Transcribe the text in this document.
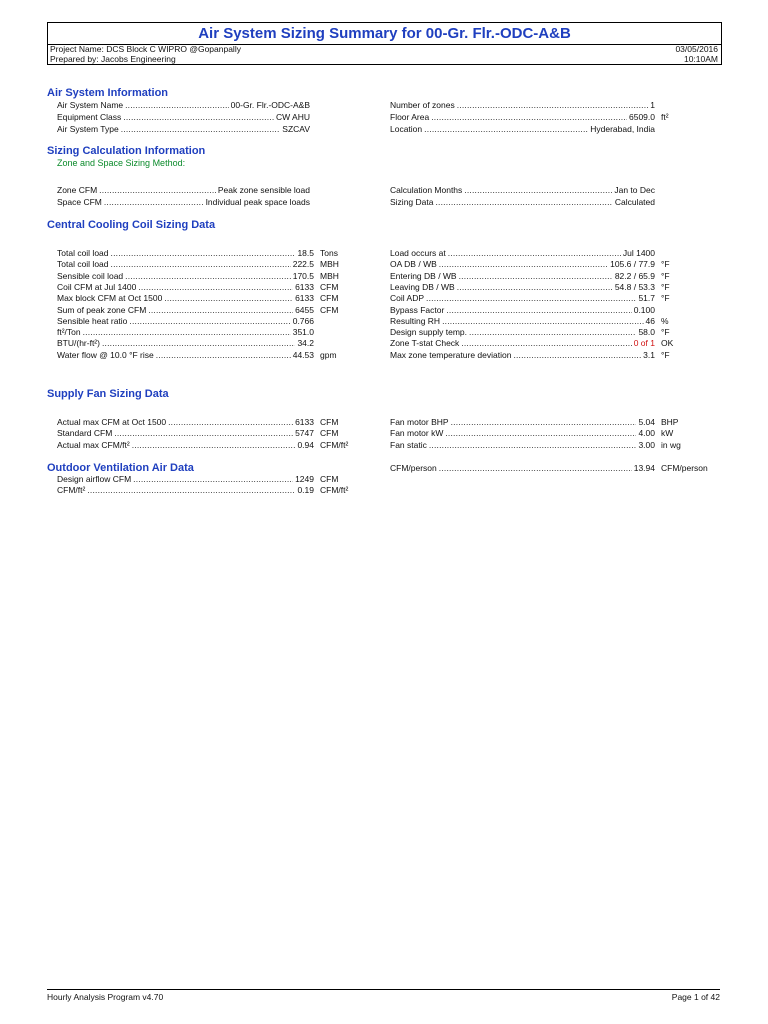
Air System Sizing Summary for 00-Gr. Flr.-ODC-A&B
Project Name: DCS Block C WIPRO @Gopanpally	03/05/2016
Prepared by: Jacobs Engineering	10:10AM
Air System Information
Sizing Calculation Information
Zone and Space Sizing Method:
Central Cooling Coil Sizing Data
Supply Fan Sizing Data
Outdoor Ventilation Air Data
Air System Name .....	00-Gr. Flr.-ODC-A&B
Equipment Class .....	CW AHU
Air System Type .....	SZCAV
Number of zones .....	1
Floor Area .....	6509.0 ft²
Location .....	Hyderabad, India
Zone CFM .....	Peak zone sensible load
Space CFM .....	Individual peak space loads
Calculation Months .....	Jan to Dec
Sizing Data .....	Calculated
Total coil load .....	18.5 Tons
Total coil load .....	222.5 MBH
Sensible coil load .....	170.5 MBH
Coil CFM at Jul 1400 .....	6133 CFM
Max block CFM at Oct 1500 .....	6133 CFM
Sum of peak zone CFM .....	6455 CFM
Sensible heat ratio .....	0.766
ft²/Ton .....	351.0
BTU/(hr-ft²) .....	34.2
Water flow @ 10.0 °F rise .....	44.53 gpm
Load occurs at .....	Jul 1400
OA DB / WB .....	105.6 / 77.9 °F
Entering DB / WB .....	82.2 / 65.9 °F
Leaving DB / WB .....	54.8 / 53.3 °F
Coil ADP .....	51.7 °F
Bypass Factor .....	0.100
Resulting RH .....	46 %
Design supply temp. .....	58.0 °F
Zone T-stat Check .....	0 of 1 OK
Max zone temperature deviation .....	3.1 °F
Actual max CFM at Oct 1500 .....	6133 CFM
Standard CFM .....	5747 CFM
Actual max CFM/ft² .....	0.94 CFM/ft²
Fan motor BHP .....	5.04 BHP
Fan motor kW .....	4.00 kW
Fan static .....	3.00 in wg
Design airflow CFM .....	1249 CFM
CFM/ft² .....	0.19 CFM/ft²
CFM/person .....	13.94 CFM/person
Hourly Analysis Program v4.70	Page 1 of 42
